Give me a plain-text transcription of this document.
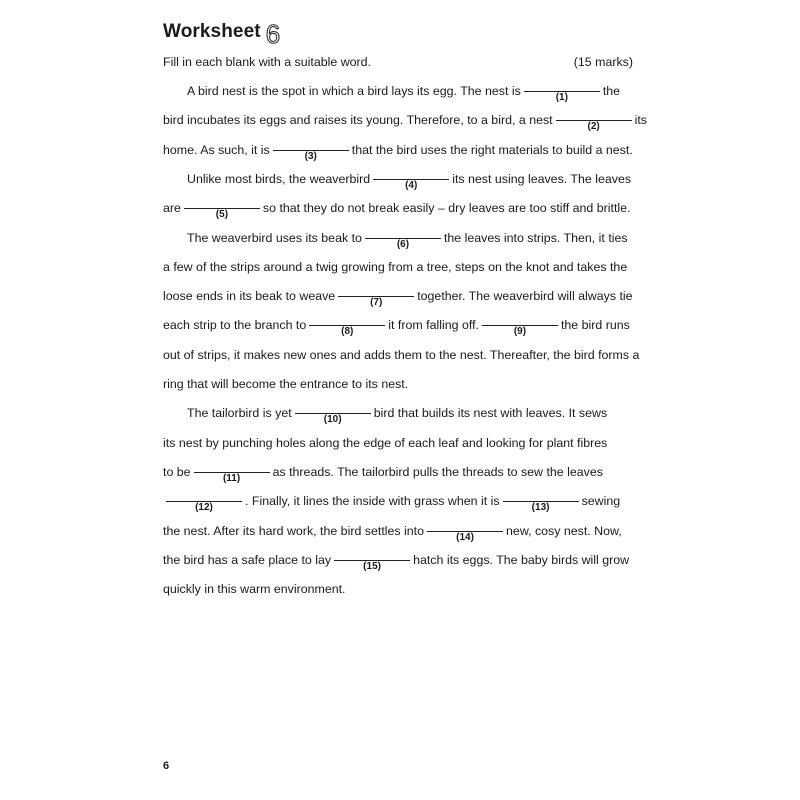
Worksheet 6
Fill in each blank with a suitable word.	(15 marks)
A bird nest is the spot in which a bird lays its egg. The nest is	(1)	the
bird incubates its eggs and raises its young. Therefore, to a bird, a nest	(2)	its
home. As such, it is	(3)	that the bird uses the right materials to build a nest.
Unlike most birds, the weaverbird	(4)	its nest using leaves. The leaves
are	(5)	so that they do not break easily – dry leaves are too stiff and brittle.
The weaverbird uses its beak to	(6)	the leaves into strips. Then, it ties
a few of the strips around a twig growing from a tree, steps on the knot and takes the
loose ends in its beak to weave	(7)	together. The weaverbird will always tie
each strip to the branch to	(8)	it from falling off.	(9)	the bird runs
out of strips, it makes new ones and adds them to the nest. Thereafter, the bird forms a
ring that will become the entrance to its nest.
The tailorbird is yet	(10)	bird that builds its nest with leaves. It sews
its nest by punching holes along the edge of each leaf and looking for plant fibres
to be	(11)	as threads. The tailorbird pulls the threads to sew the leaves
(12)	. Finally, it lines the inside with grass when it is	(13)	sewing
the nest. After its hard work, the bird settles into	(14)	new, cosy nest. Now,
the bird has a safe place to lay	(15)	hatch its eggs. The baby birds will grow
quickly in this warm environment.
6
